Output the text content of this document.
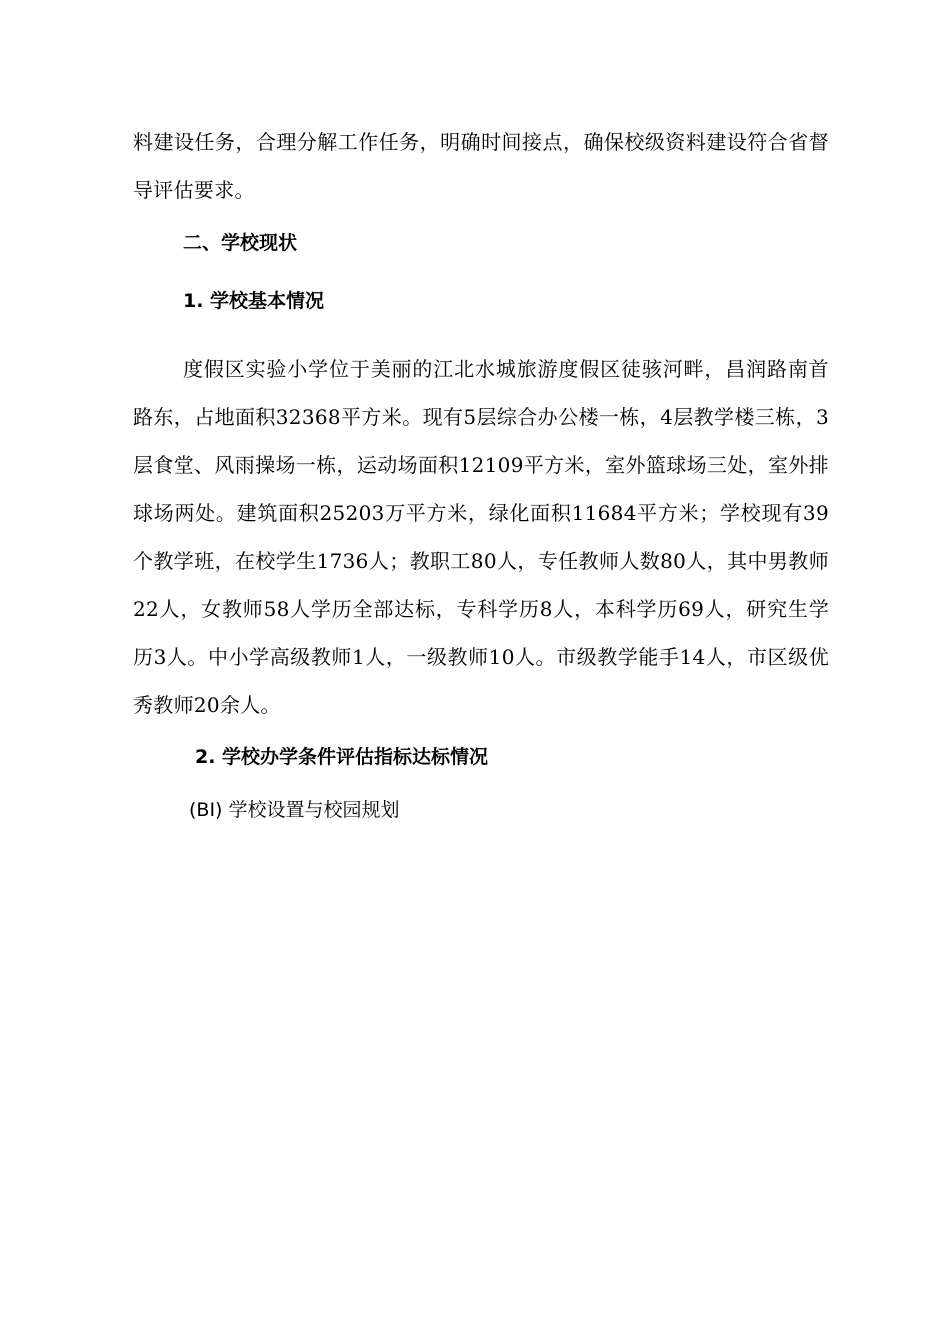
料建设任务，合理分解工作任务，明确时间接点，确保校级资料建设符合省督导评估要求。

二、学校现状

1. 学校基本情况

度假区实验小学位于美丽的江北水城旅游度假区徒骇河畔，昌润路南首路东，占地面积32368平方米。现有5层综合办公楼一栋，4层教学楼三栋，3层食堂、风雨操场一栋，运动场面积12109平方米，室外篮球场三处，室外排球场两处。建筑面积25203万平方米，绿化面积11684平方米；学校现有39个教学班，在校学生1736人；教职工80人，专任教师人数80人，其中男教师22人，女教师58人学历全部达标，专科学历8人，本科学历69人，研究生学历3人。中小学高级教师1人，一级教师10人。市级教学能手14人，市区级优秀教师20余人。

2. 学校办学条件评估指标达标情况

(BI) 学校设置与校园规划
